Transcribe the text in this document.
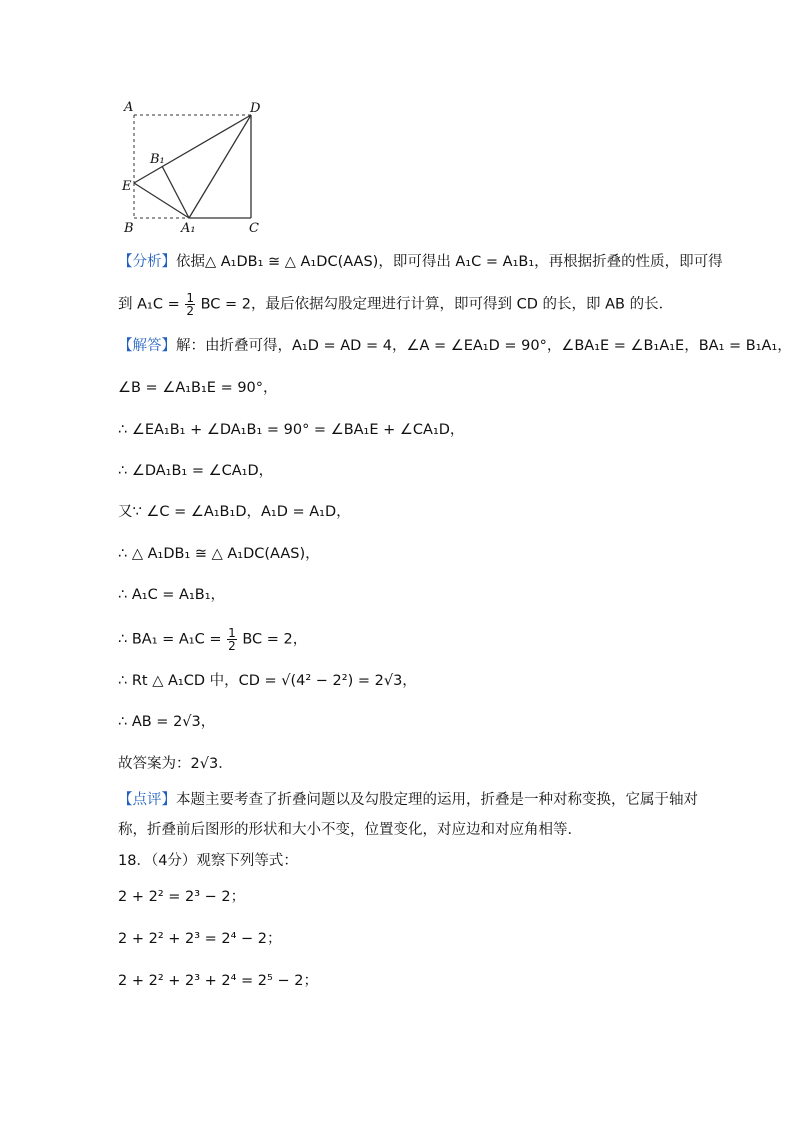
A	D
B₁
E
B	A₁	C
【分析】依据△ A₁DB₁ ≅ △ A₁DC(AAS)，即可得出 A₁C = A₁B₁，再根据折叠的性质，即可得
到 $A_1C = \frac{1}{2}$ BC = 2，最后依据勾股定理进行计算，即可得到 CD 的长，即 AB 的长．
【解答】解：由折叠可得，A₁D = AD = 4，∠A = ∠EA₁D = 90°，∠BA₁E = ∠B₁A₁E，BA₁ = B₁A₁，
∠B = ∠A₁B₁E = 90°，
∴ ∠EA₁B₁ + ∠DA₁B₁ = 90° = ∠BA₁E + ∠CA₁D，
∴ ∠DA₁B₁ = ∠CA₁D，
又∵ ∠C = ∠A₁B₁D，A₁D = A₁D，
∴ △ A₁DB₁ ≅ △ A₁DC(AAS)，
∴ A₁C = A₁B₁，
∴ $BA_1 = A_1C = \frac{1}{2}$ BC = 2，
∴ Rt △ A₁CD 中，CD = √(4² − 2²) = 2√3，
∴ AB = 2√3，
故答案为：2√3．
【点评】本题主要考查了折叠问题以及勾股定理的运用，折叠是一种对称变换，它属于轴对
称，折叠前后图形的形状和大小不变，位置变化，对应边和对应角相等．
18．（4分）观察下列等式：
2 + 2² = 2³ − 2；
2 + 2² + 2³ = 2⁴ − 2；
2 + 2² + 2³ + 2⁴ = 2⁵ − 2；
